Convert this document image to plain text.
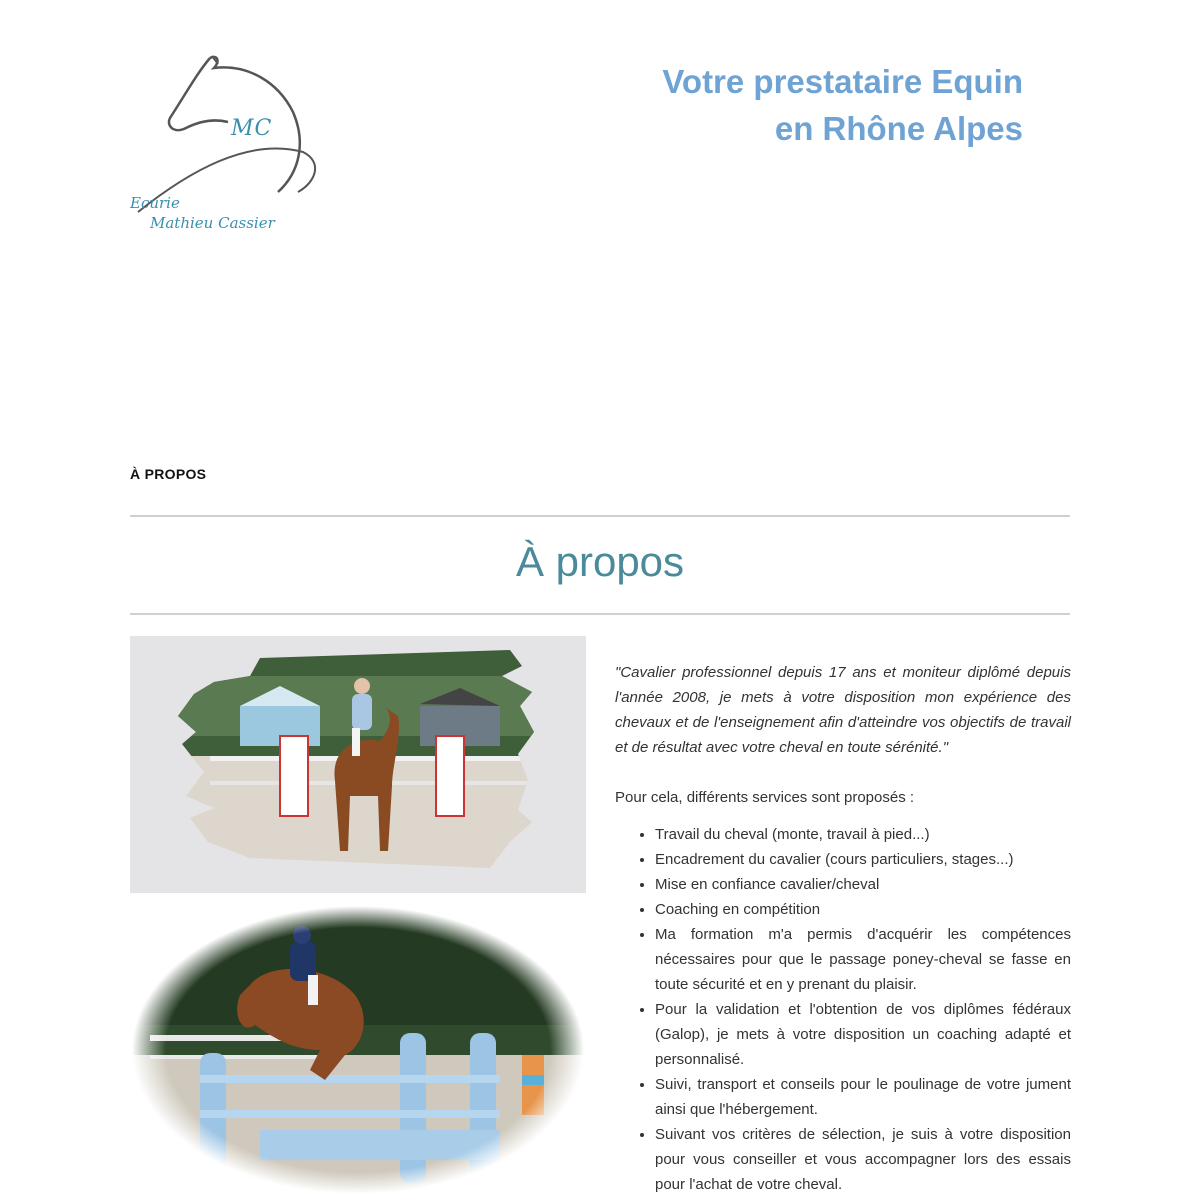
MC
Ecurie
Mathieu Cassier
Votre prestataire Equin
en Rhône Alpes
À PROPOS
À propos

"Cavalier professionnel depuis 17 ans et moniteur diplômé depuis l'année 2008, je mets à votre disposition mon expérience des chevaux et de l'enseignement afin d'atteindre vos objectifs de travail et de résultat avec votre cheval en toute sérénité."

Pour cela, différents services sont proposés :

• Travail du cheval (monte, travail à pied...)
• Encadrement du cavalier (cours particuliers, stages...)
• Mise en confiance cavalier/cheval
• Coaching en compétition
• Ma formation m'a permis d'acquérir les compétences nécessaires pour que le passage poney-cheval se fasse en toute sécurité et en y prenant du plaisir.
• Pour la validation et l'obtention de vos diplômes fédéraux (Galop), je mets à votre disposition un coaching adapté et personnalisé.
• Suivi, transport et conseils pour le poulinage de votre jument ainsi que l'hébergement.
• Suivant vos critères de sélection, je suis à votre disposition pour vous conseiller et vous accompagner lors des essais pour l'achat de votre cheval.
